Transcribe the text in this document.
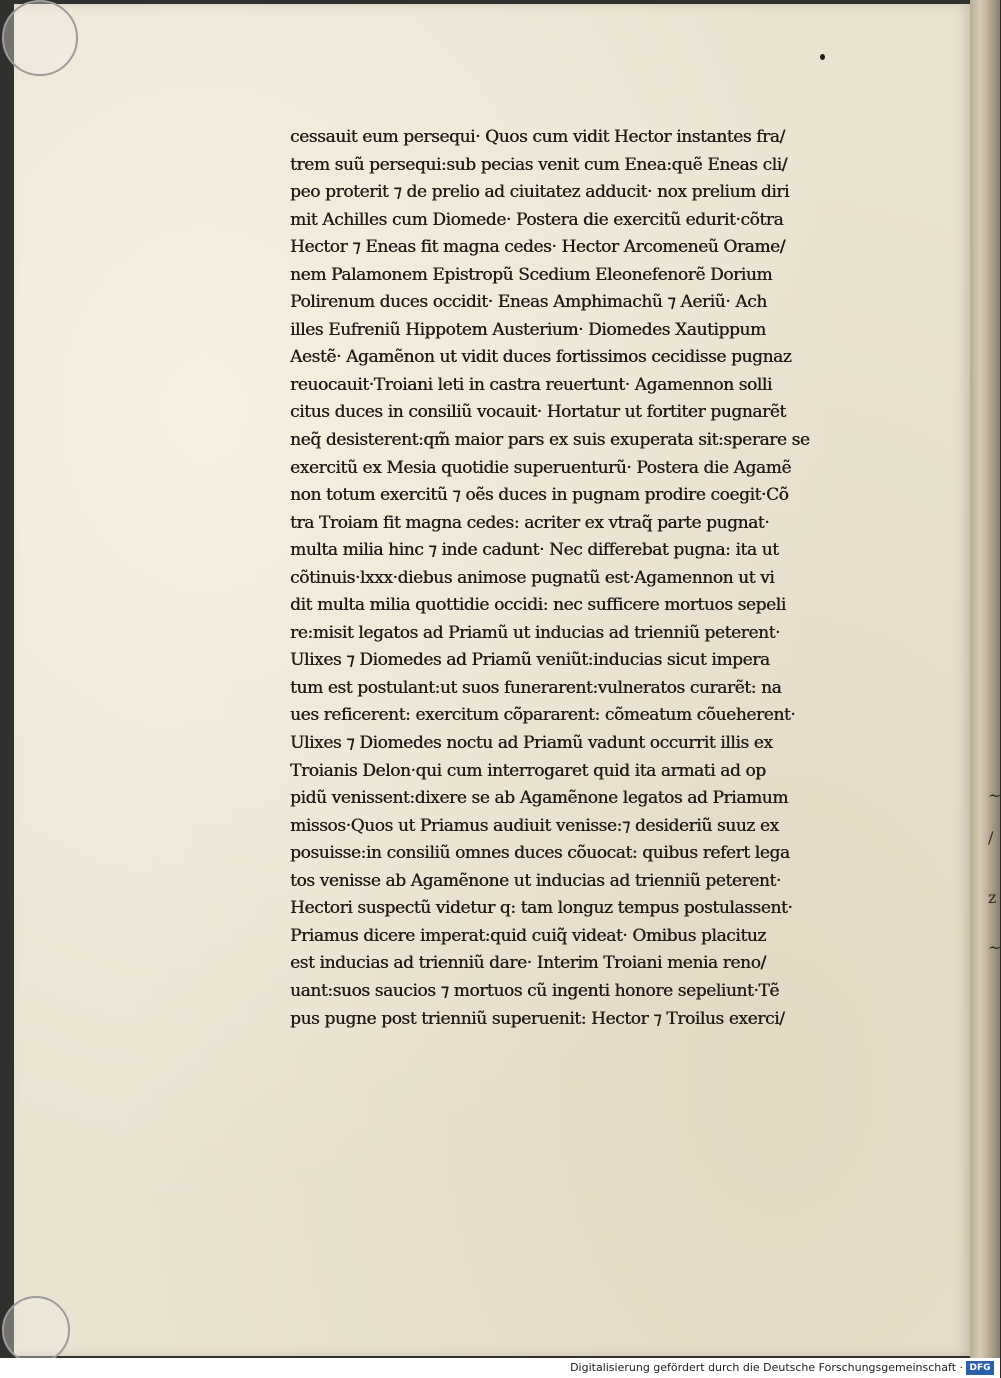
~
/
z
~
cessauit eum persequi· Quos cum vidit Hector instantes fra/
trem suũ persequi:sub pecias venit cum Enea:quẽ Eneas cli/
peo proterit ⁊ de prelio ad ciuitatez adducit· nox prelium diri
mit Achilles cum Diomede· Postera die exercitũ edurit·cõtra
Hector ⁊ Eneas fit magna cedes· Hector Arcomeneũ Orame/
nem Palamonem Epistropũ Scedium Eleonefenorẽ Dorium
Polirenum duces occidit· Eneas Amphimachũ ⁊ Aeriũ· Ach
illes Eufreniũ Hippotem Austerium· Diomedes Xautippum
Aestẽ· Agamẽnon ut vidit duces fortissimos cecidisse pugnaz
reuocauit·Troiani leti in castra reuertunt· Agamennon solli
citus duces in consiliũ vocauit· Hortatur ut fortiter pugnarẽt
neq̃ desisterent:qm̃ maior pars ex suis exuperata sit:sperare se
exercitũ ex Mesia quotidie superuenturũ· Postera die Agamẽ
non totum exercitũ ⁊ oẽs duces in pugnam prodire coegit·Cõ
tra Troiam fit magna cedes: acriter ex vtraq̃ parte pugnat·
multa milia hinc ⁊ inde cadunt· Nec differebat pugna: ita ut
cõtinuis·lxxx·diebus animose pugnatũ est·Agamennon ut vi
dit multa milia quottidie occidi: nec sufficere mortuos sepeli
re:misit legatos ad Priamũ ut inducias ad trienniũ peterent·
Ulixes ⁊ Diomedes ad Priamũ veniũt:inducias sicut impera
tum est postulant:ut suos funerarent:vulneratos curarẽt: na
ues reficerent: exercitum cõpararent: cõmeatum cõueherent·
Ulixes ⁊ Diomedes noctu ad Priamũ vadunt occurrit illis ex
Troianis Delon·qui cum interrogaret quid ita armati ad op
pidũ venissent:dixere se ab Agamẽnone legatos ad Priamum
missos·Quos ut Priamus audiuit venisse:⁊ desideriũ suuz ex
posuisse:in consiliũ omnes duces cõuocat: quibus refert lega
tos venisse ab Agamẽnone ut inducias ad trienniũ peterent·
Hectori suspectũ videtur q: tam longuz tempus postulassent·
Priamus dicere imperat:quid cuiq̃ videat· Omibus placituz
est inducias ad trienniũ dare· Interim Troiani menia reno/
uant:suos saucios ⁊ mortuos cũ ingenti honore sepeliunt·Tẽ
pus pugne post trienniũ superuenit: Hector ⁊ Troilus exerci/
Digitalisierung gefördert durch die Deutsche Forschungsgemeinschaft · DFG
